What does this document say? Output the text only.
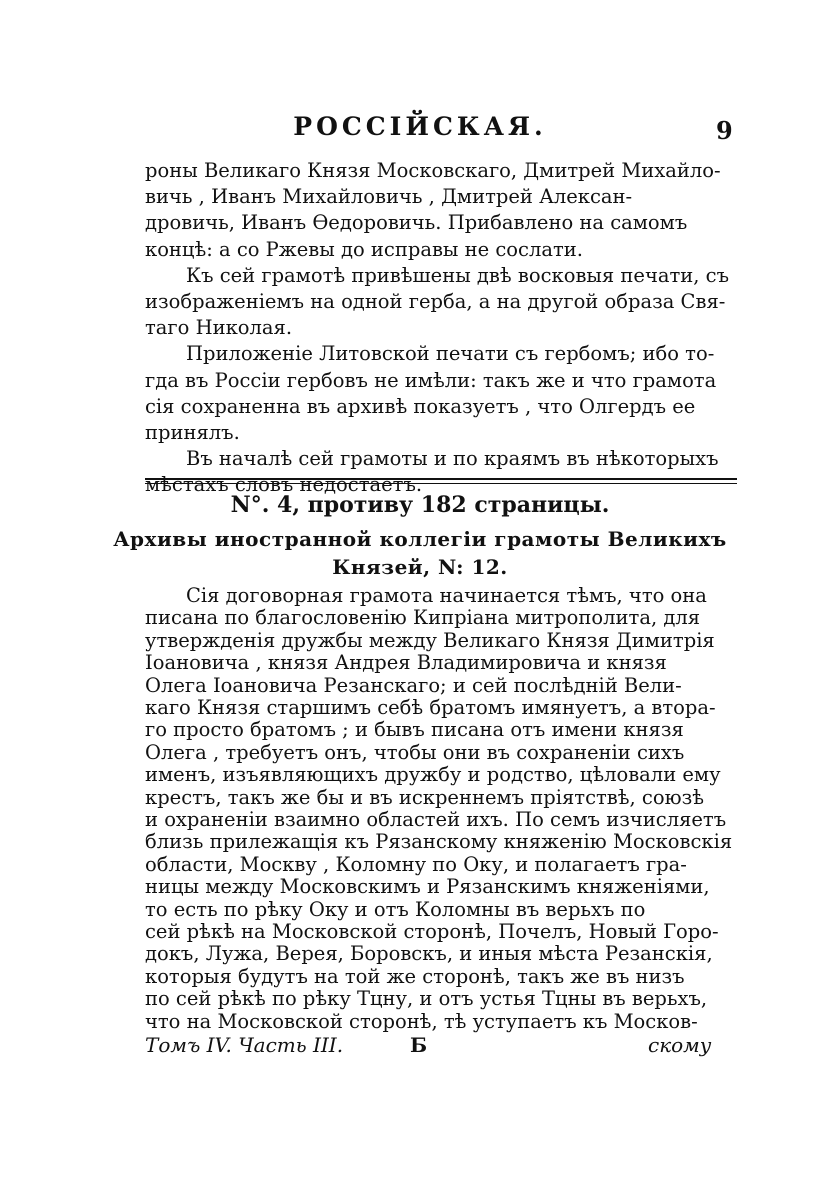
РОССІЙСКАЯ.	9
роны Великаго Князя Московскаго, Дмитрей Михайло-
вичь , Иванъ Михайловичь , Дмитрей Алексан-
дровичь, Иванъ Өедоровичь. Прибавлено на самомъ
концѣ: а со Ржевы до исправы не сослати.
Къ сей грамотѣ привѣшены двѣ восковыя печати, съ
изображеніемъ на одной герба, а на другой образа Свя-
таго Николая.
Приложеніе Литовской печати съ гербомъ; ибо то-
гда въ Россіи гербовъ не имѣли: такъ же и что грамота
сія сохраненна въ архивѣ показуетъ , что Олгердъ ее
принялъ.
N°. 4, противу 182 страницы.
Архивы иностранной коллегіи грамоты Великихъ
Князей, N: 12.
Сія договорная грамота начинается тѣмъ, что она
писана по благословенію Кипріана митрополита, для
утвержденія дружбы между Великаго Князя Димитрія
Іоановича , князя Андрея Владимировича и князя
Олега Іоановича Резанскаго; и сей послѣдній Вели-
каго Князя старшимъ себѣ братомъ имянуетъ, а втора-
го просто братомъ ; и бывъ писана отъ имени князя
Олега , требуетъ онъ, чтобы они въ сохраненіи сихъ
именъ, изъявляющихъ дружбу и родство, цѣловали ему
крестъ, такъ же бы и въ искреннемъ пріятствѣ, союзѣ
и охраненіи взаимно областей ихъ. По семъ изчисляетъ
близь прилежащія къ Рязанскому княженію Московскія
области, Москву , Коломну по Оку, и полагаетъ гра-
ницы между Московскимъ и Рязанскимъ княженіями,
то есть по рѣку Оку и отъ Коломны въ верьхъ по
сей рѣкѣ на Московской сторонѣ, Почелъ, Новый Горо-
докъ, Лужа, Верея, Боровскъ, и иныя мѣста Резанскія,
которыя будутъ на той же сторонѣ, такъ же въ низъ
по сей рѣкѣ по рѣку Тцну, и отъ устья Тцны въ верьхъ,
Томъ IV. Часть III.	Б	скому
Въ началѣ сей грамоты и по краямъ въ нѣкоторыхъ
мѣстахъ словъ недостаетъ.
что на Московской сторонѣ, тѣ уступаетъ къ Москов-
